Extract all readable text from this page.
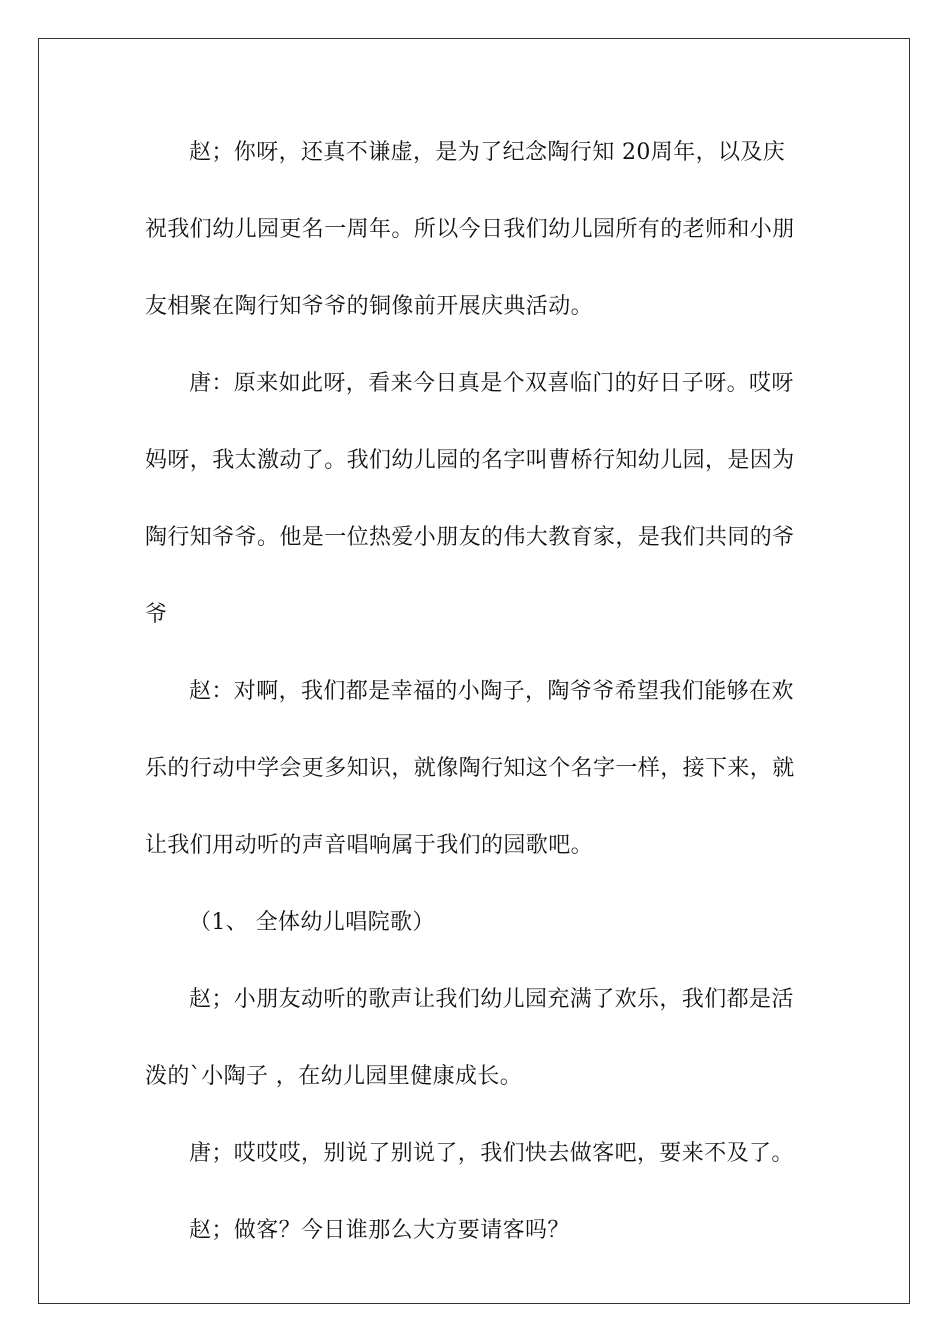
赵；你呀，还真不谦虚，是为了纪念陶行知 20周年，以及庆
祝我们幼儿园更名一周年。所以今日我们幼儿园所有的老师和小朋
友相聚在陶行知爷爷的铜像前开展庆典活动。
唐：原来如此呀，看来今日真是个双喜临门的好日子呀。哎呀
妈呀，我太激动了。我们幼儿园的名字叫曹桥行知幼儿园，是因为
陶行知爷爷。他是一位热爱小朋友的伟大教育家，是我们共同的爷
爷
赵：对啊，我们都是幸福的小陶子，陶爷爷希望我们能够在欢
乐的行动中学会更多知识，就像陶行知这个名字一样，接下来，就
让我们用动听的声音唱响属于我们的园歌吧。
（1、 全体幼儿唱院歌）
赵；小朋友动听的歌声让我们幼儿园充满了欢乐，我们都是活
泼的`小陶子 ，在幼儿园里健康成长。
唐；哎哎哎，别说了别说了，我们快去做客吧，要来不及了。
赵；做客？今日谁那么大方要请客吗？
